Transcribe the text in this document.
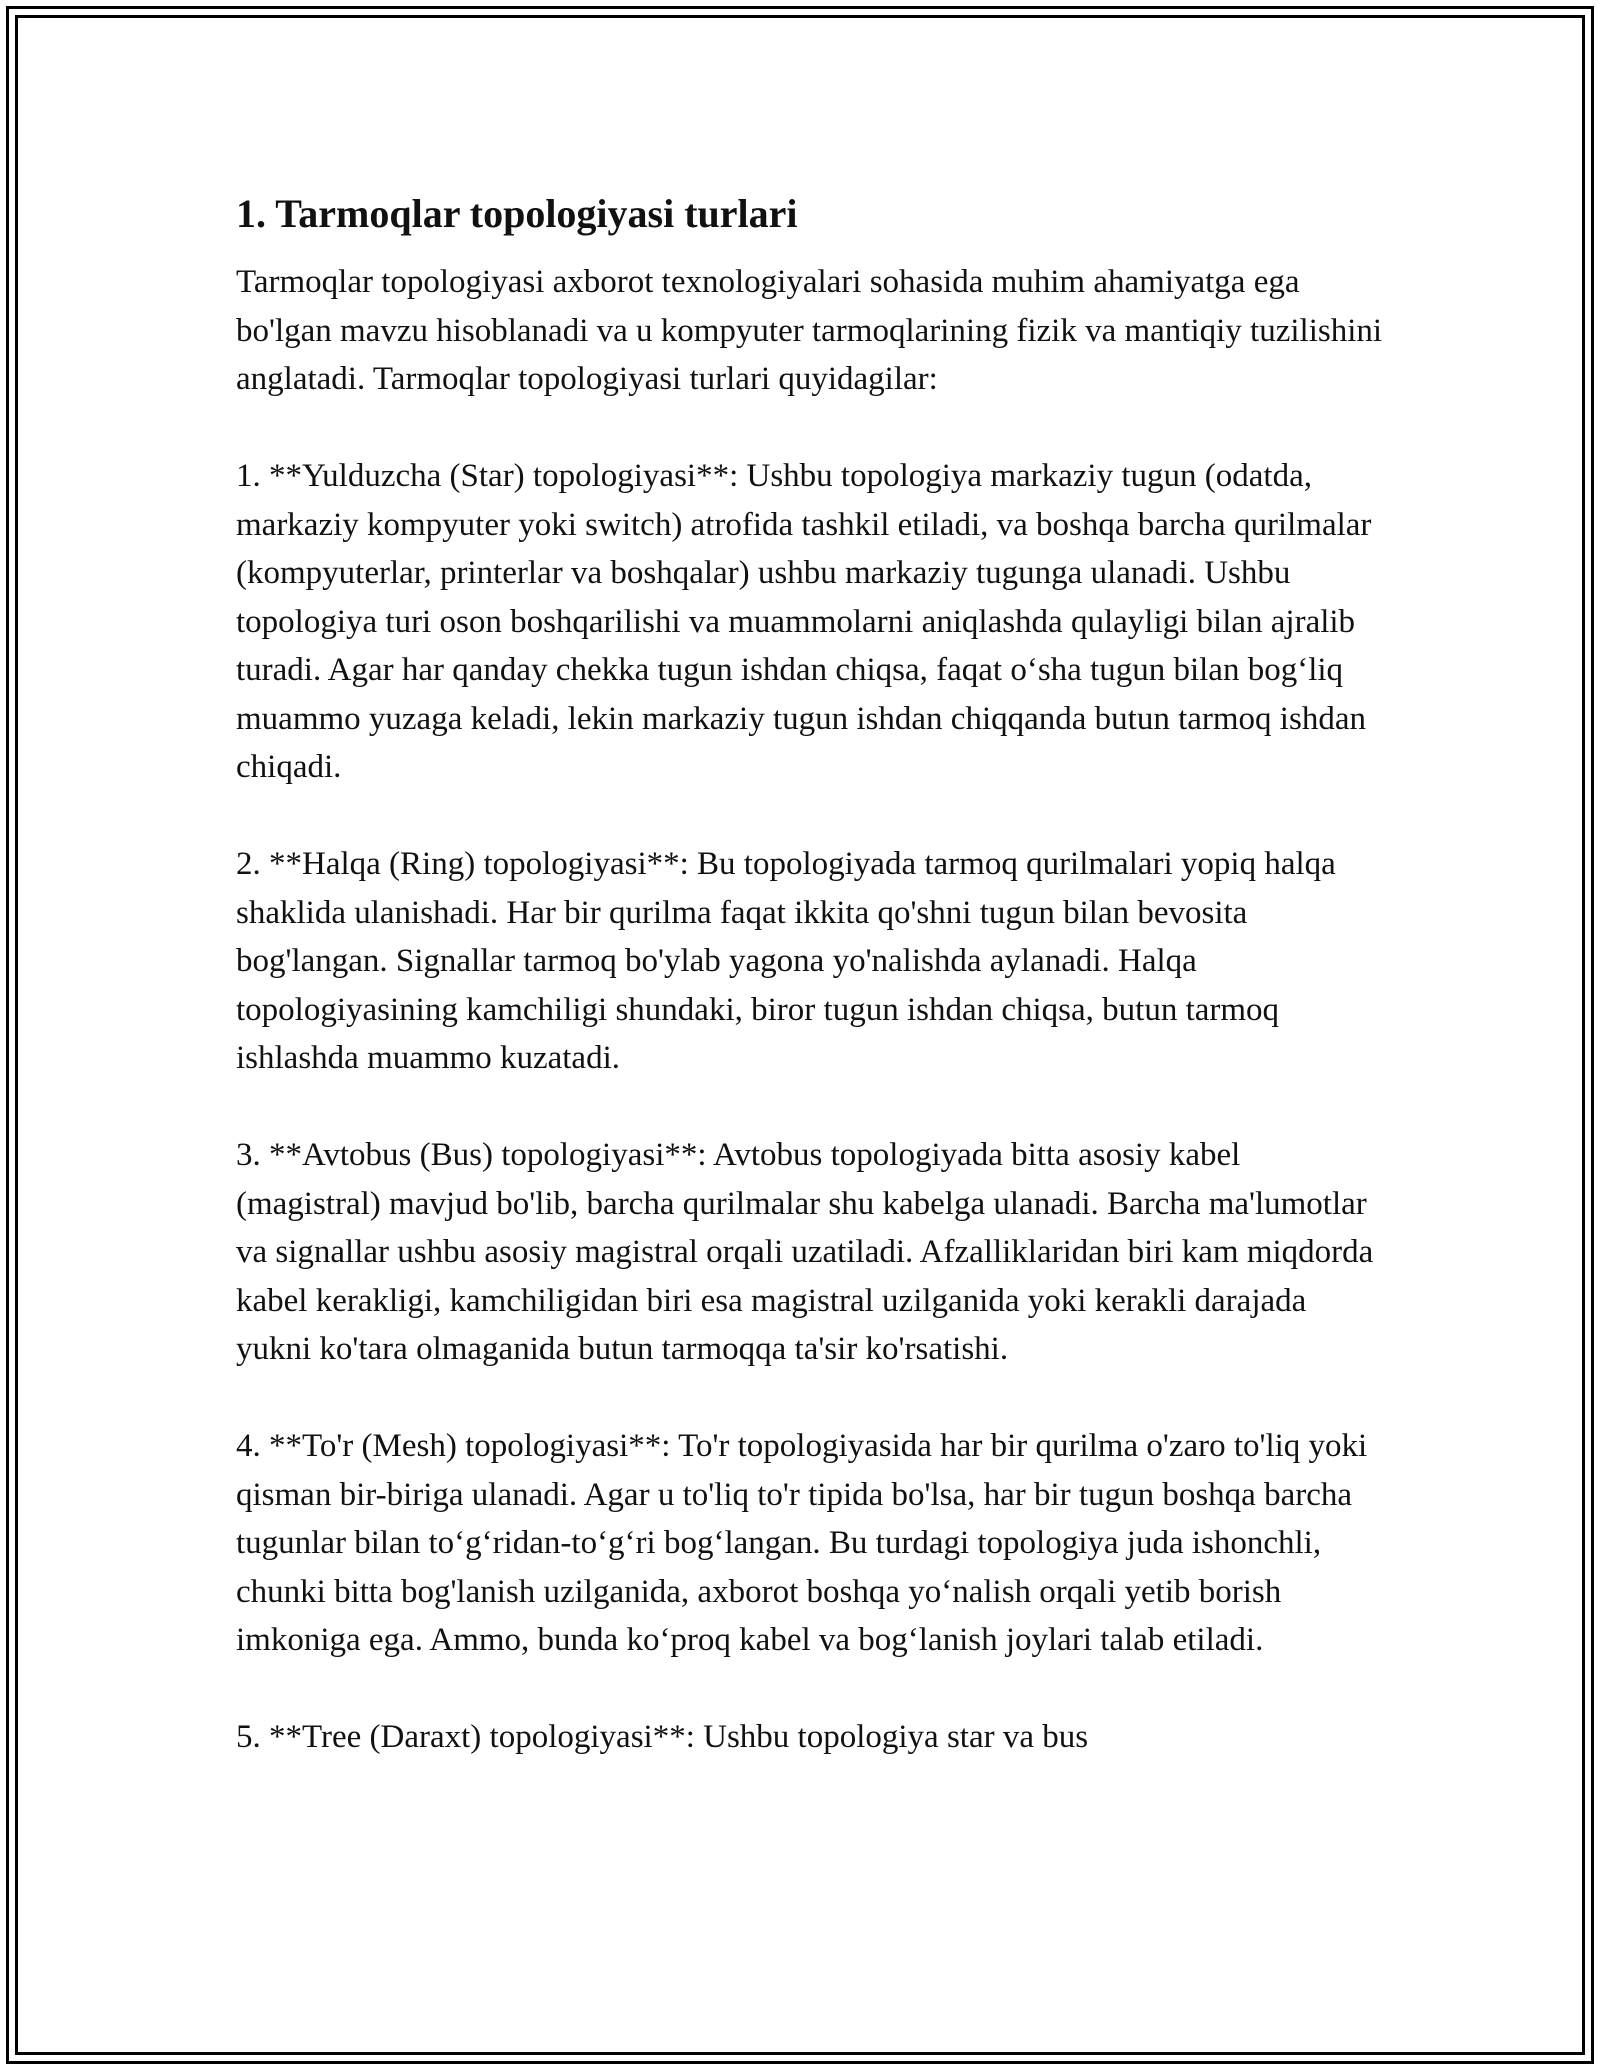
1. Tarmoqlar topologiyasi turlari

Tarmoqlar topologiyasi axborot texnologiyalari sohasida muhim ahamiyatga ega bo'lgan mavzu hisoblanadi va u kompyuter tarmoqlarining fizik va mantiqiy tuzilishini anglatadi. Tarmoqlar topologiyasi turlari quyidagilar:

1. **Yulduzcha (Star) topologiyasi**: Ushbu topologiya markaziy tugun (odatda, markaziy kompyuter yoki switch) atrofida tashkil etiladi, va boshqa barcha qurilmalar (kompyuterlar, printerlar va boshqalar) ushbu markaziy tugunga ulanadi. Ushbu topologiya turi oson boshqarilishi va muammolarni aniqlashda qulayligi bilan ajralib turadi. Agar har qanday chekka tugun ishdan chiqsa, faqat o‘sha tugun bilan bog‘liq muammo yuzaga keladi, lekin markaziy tugun ishdan chiqqanda butun tarmoq ishdan chiqadi.

2. **Halqa (Ring) topologiyasi**: Bu topologiyada tarmoq qurilmalari yopiq halqa shaklida ulanishadi. Har bir qurilma faqat ikkita qo'shni tugun bilan bevosita bog'langan. Signallar tarmoq bo'ylab yagona yo'nalishda aylanadi. Halqa topologiyasining kamchiligi shundaki, biror tugun ishdan chiqsa, butun tarmoq ishlashda muammo kuzatadi.

3. **Avtobus (Bus) topologiyasi**: Avtobus topologiyada bitta asosiy kabel (magistral) mavjud bo'lib, barcha qurilmalar shu kabelga ulanadi. Barcha ma'lumotlar va signallar ushbu asosiy magistral orqali uzatiladi. Afzalliklaridan biri kam miqdorda kabel kerakligi, kamchiligidan biri esa magistral uzilganida yoki kerakli darajada yukni ko'tara olmaganida butun tarmoqqa ta'sir ko'rsatishi.

4. **To'r (Mesh) topologiyasi**: To'r topologiyasida har bir qurilma o'zaro to'liq yoki qisman bir-biriga ulanadi. Agar u to'liq to'r tipida bo'lsa, har bir tugun boshqa barcha tugunlar bilan to‘g‘ridan-to‘g‘ri bog‘langan. Bu turdagi topologiya juda ishonchli, chunki bitta bog'lanish uzilganida, axborot boshqa yo‘nalish orqali yetib borish imkoniga ega. Ammo, bunda ko‘proq kabel va bog‘lanish joylari talab etiladi.

5. **Tree (Daraxt) topologiyasi**: Ushbu topologiya star va bus
